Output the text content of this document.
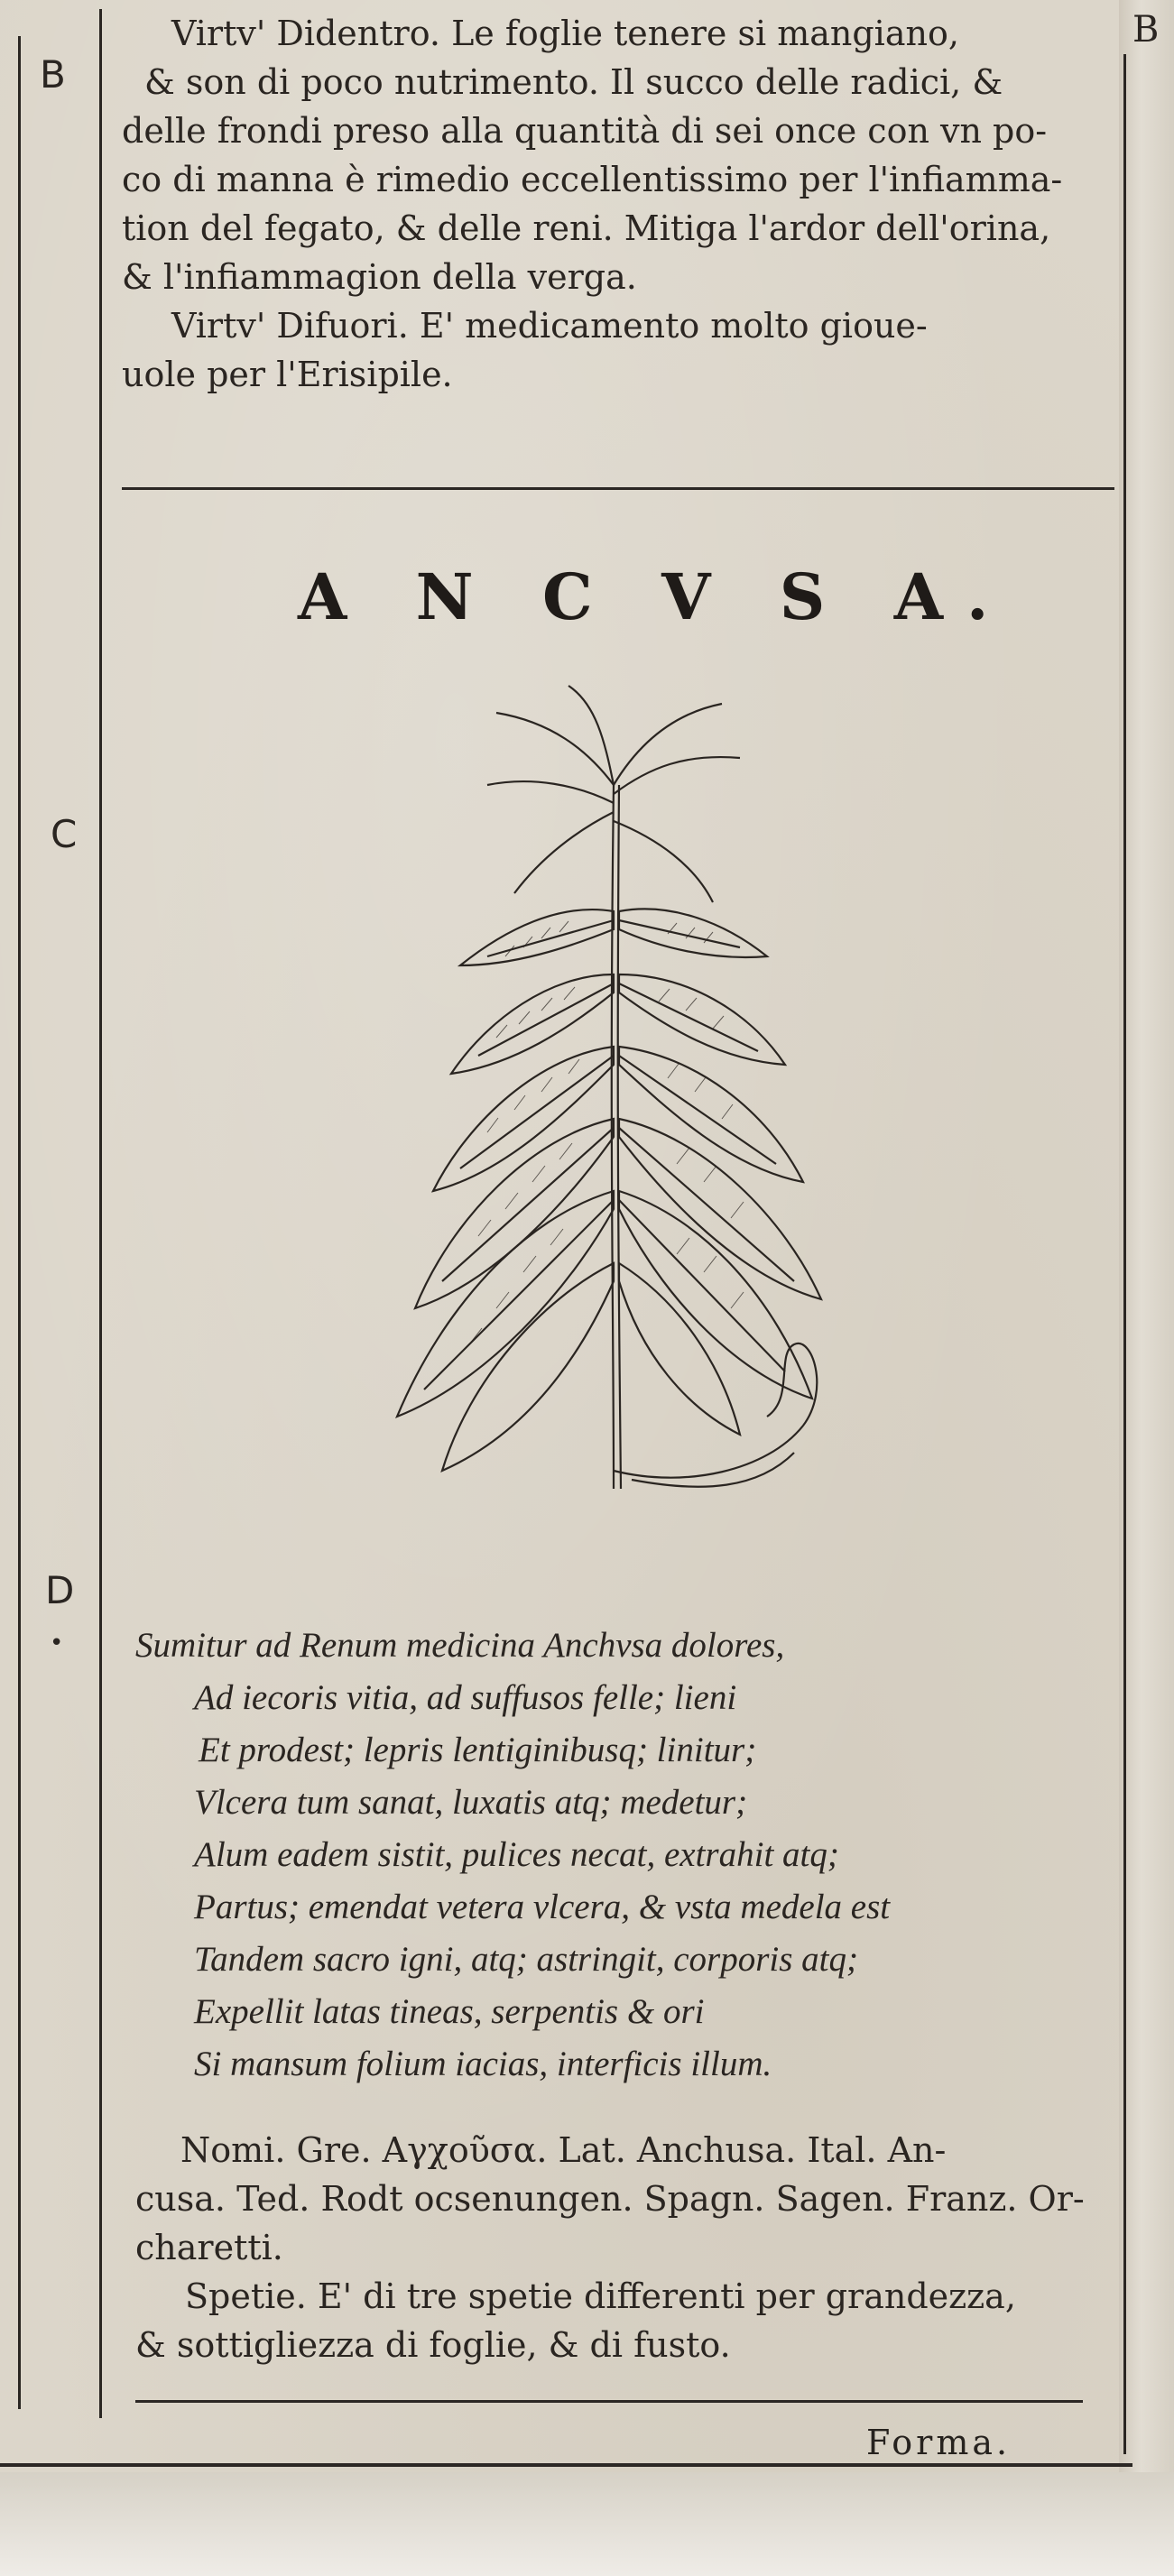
B
B
C
D
•
Virtv' Didentro. Le foglie tenere si mangiano,
& son di poco nutrimento. Il succo delle radici, &
delle frondi preso alla quantità di sei once con vn po-
co di manna è rimedio eccellentissimo per l'infiamma-
tion del fegato, & delle reni. Mitiga l'ardor dell'orina,
& l'infiammagion della verga.
Virtv' Difuori. E' medicamento molto gioue-
uole per l'Erisipile.
A N C V S A.
Sumitur ad Renum medicina Anchvsa dolores,
Ad iecoris vitia, ad suffusos felle; lieni
Et prodest; lepris lentiginibusq; linitur;
Vlcera tum sanat, luxatis atq; medetur;
Alum eadem sistit, pulices necat, extrahit atq;
Partus; emendat vetera vlcera, & vsta medela est
Tandem sacro igni, atq; astringit, corporis atq;
Expellit latas tineas, serpentis & ori
Si mansum folium iacias, interficis illum.
Nomi. Gre. Αγχοῦσα. Lat. Anchusa. Ital. An-
cusa. Ted. Rodt ocsenungen. Spagn. Sagen. Franz. Or-
charetti.
Spetie. E' di tre spetie differenti per grandezza,
& sottigliezza di foglie, & di fusto.
Forma.
